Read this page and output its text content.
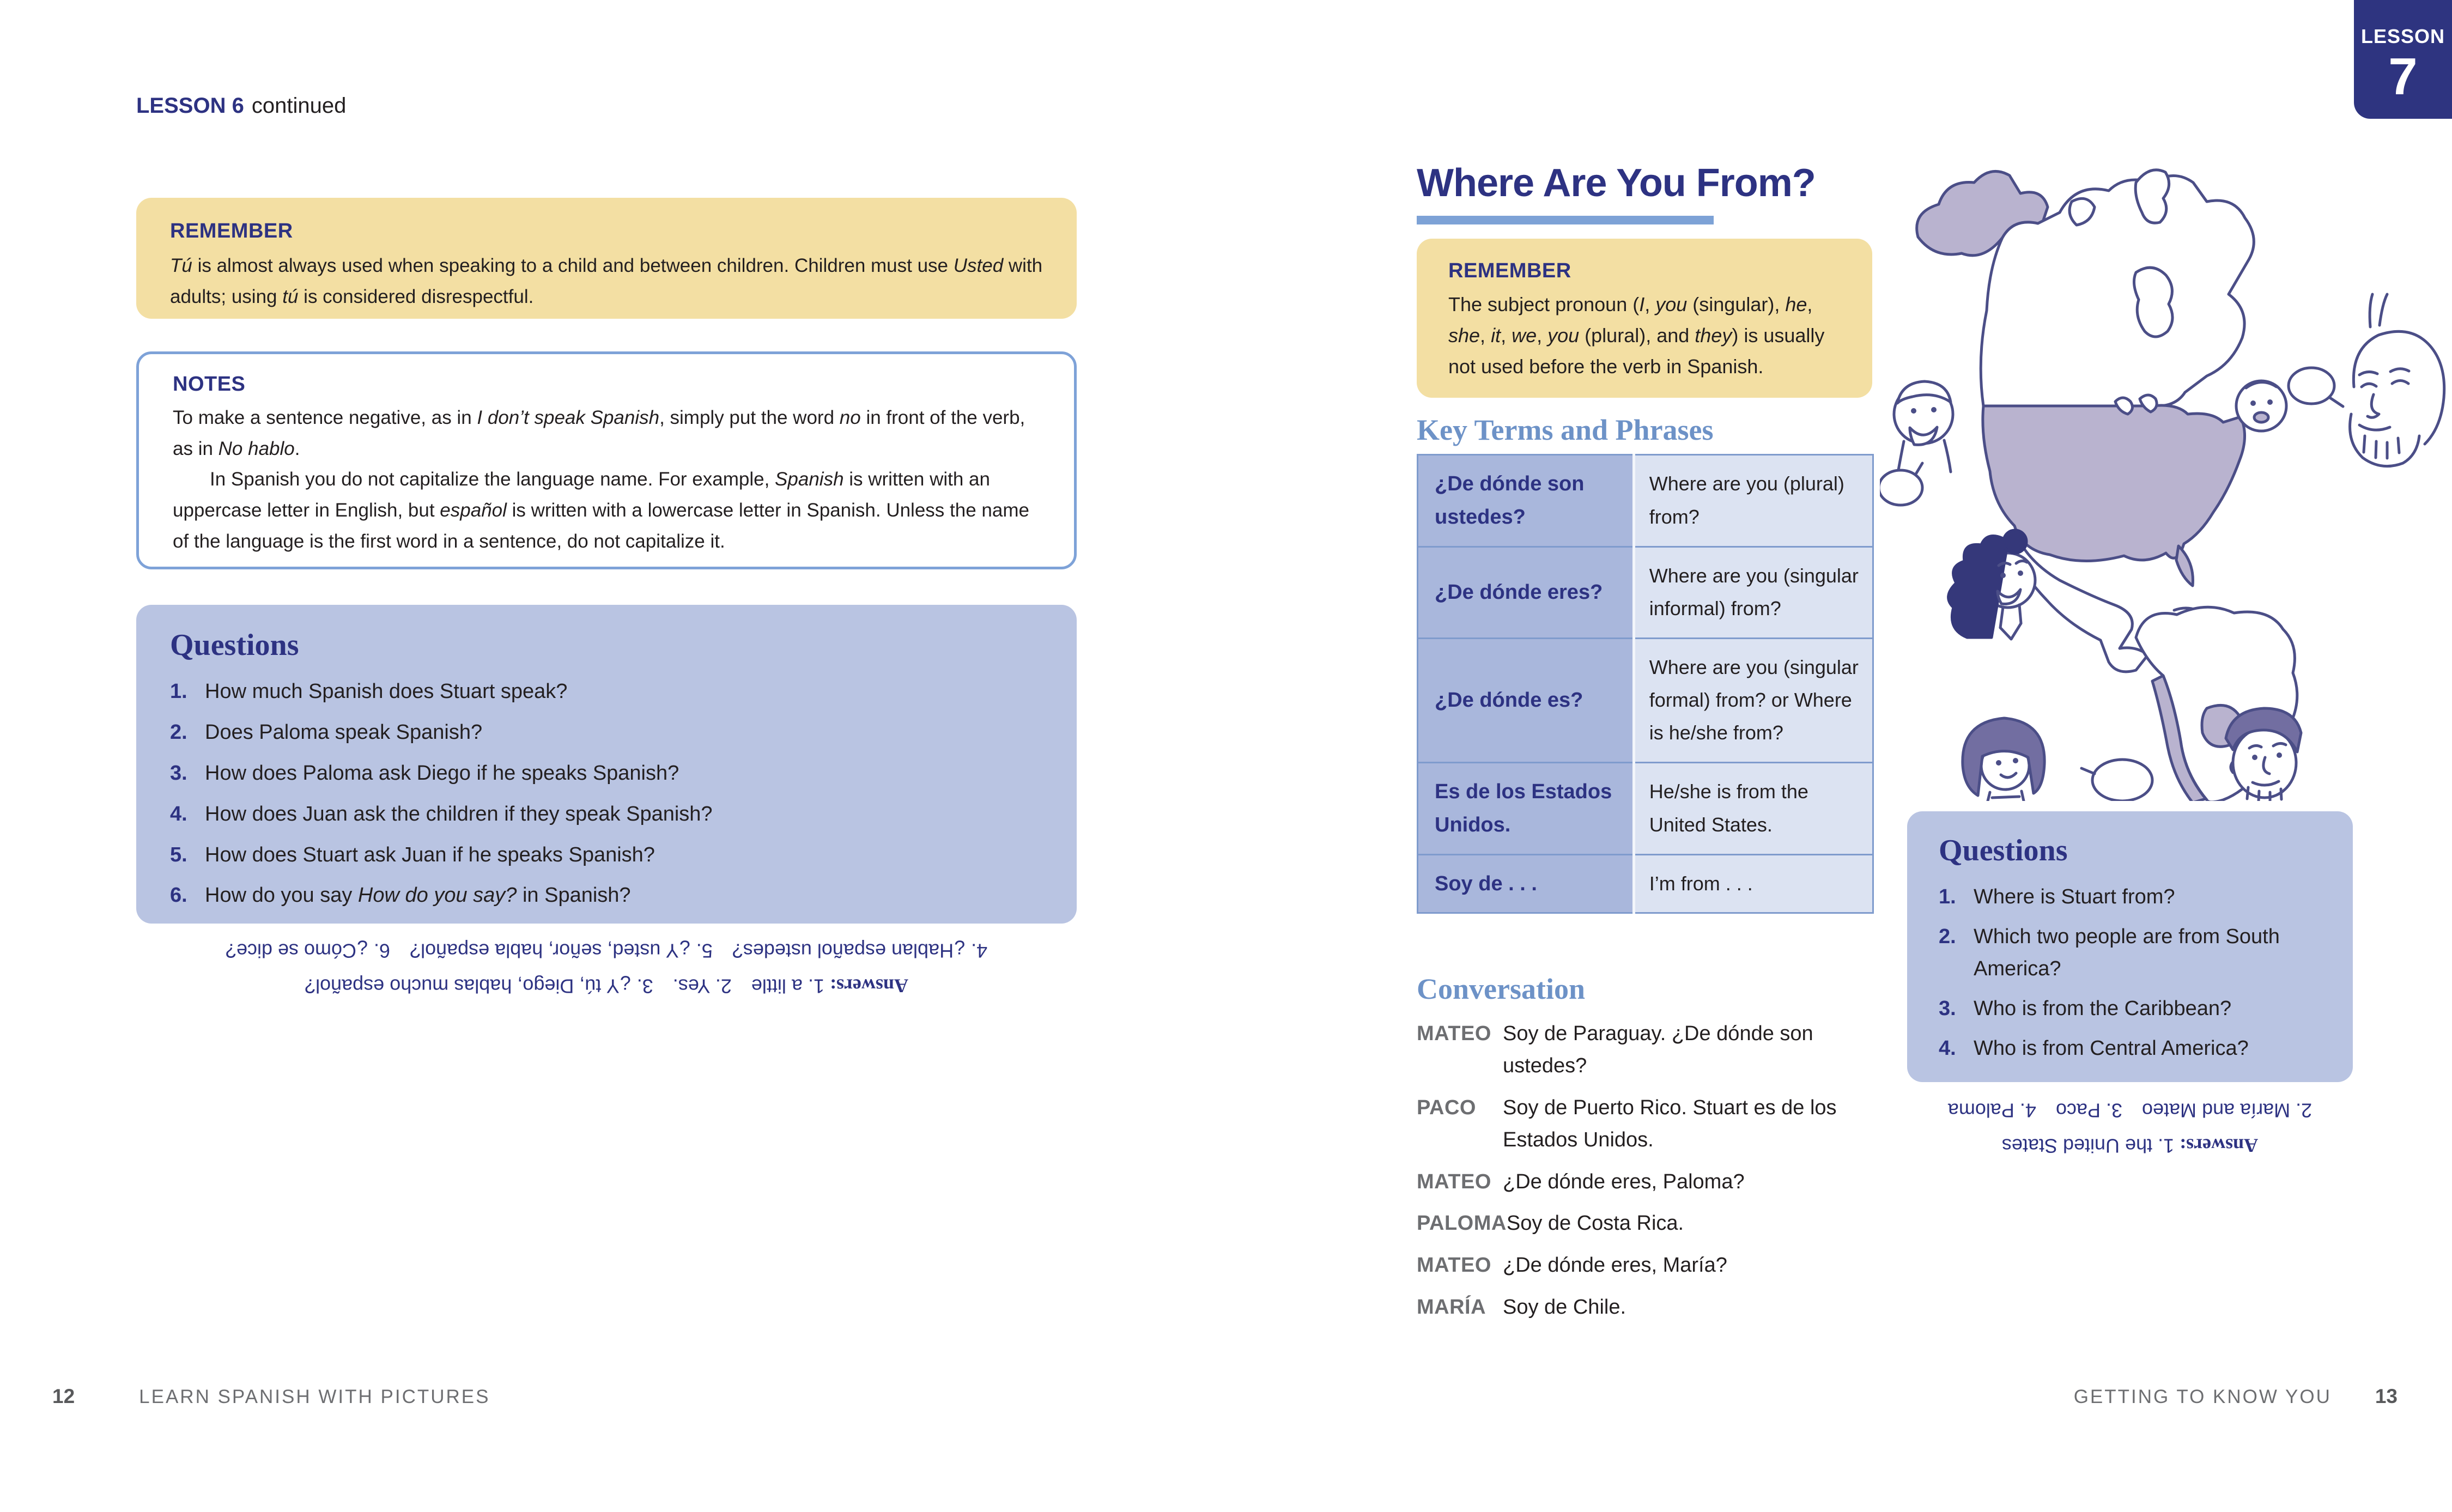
LESSON 6 continued
REMEMBER

Tú is almost always used when speaking to a child and between children. Children must use Usted with adults; using tú is considered disrespectful.

NOTES

To make a sentence negative, as in I don’t speak Spanish, simply put the word no in front of the verb, as in No hablo.

In Spanish you do not capitalize the language name. For example, Spanish is written with an uppercase letter in English, but español is written with a lowercase letter in Spanish. Unless the name of the language is the first word in a sentence, do not capitalize it.

Questions
1. How much Spanish does Stuart speak?
2. Does Paloma speak Spanish?
3. How does Paloma ask Diego if he speaks Spanish?
4. How does Juan ask the children if they speak Spanish?
5. How does Stuart ask Juan if he speaks Spanish?
6. How do you say How do you say? in Spanish?
Answers: 1. a little 2. Yes. 3. ¿Y tú, Diego, hablas mucho español?
4. ¿Hablan español ustedes? 5. ¿Y usted, señor, habla español? 6. ¿Cómo se dice?
12	LEARN SPANISH WITH PICTURES
LESSON
7
Where Are You From?
REMEMBER

The subject pronoun (I, you (singular), he, she, it, we, you (plural), and they) is usually not used before the verb in Spanish.

Key Terms and Phrases
¿De dónde son ustedes?	Where are you (plural) from?
¿De dónde eres?	Where are you (singular informal) from?
¿De dónde es?	Where are you (singular formal) from? or Where is he/she from?
Es de los Estados Unidos.	He/she is from the United States.
Soy de . . .	I’m from . . .
Conversation
MATEO Soy de Paraguay. ¿De dónde son ustedes?
PACO	Soy de Puerto Rico. Stuart es de los Estados Unidos.
MATEO ¿De dónde eres, Paloma?
PALOMA Soy de Costa Rica.
MATEO ¿De dónde eres, María?
MARÍA Soy de Chile.
Questions
1. Where is Stuart from?
2. Which two people are from South America?
3. Who is from the Caribbean?
4. Who is from Central America?
Answers: 1. the United States
2. María and Mateo 3. Paco 4. Paloma
GETTING TO KNOW YOU 13
